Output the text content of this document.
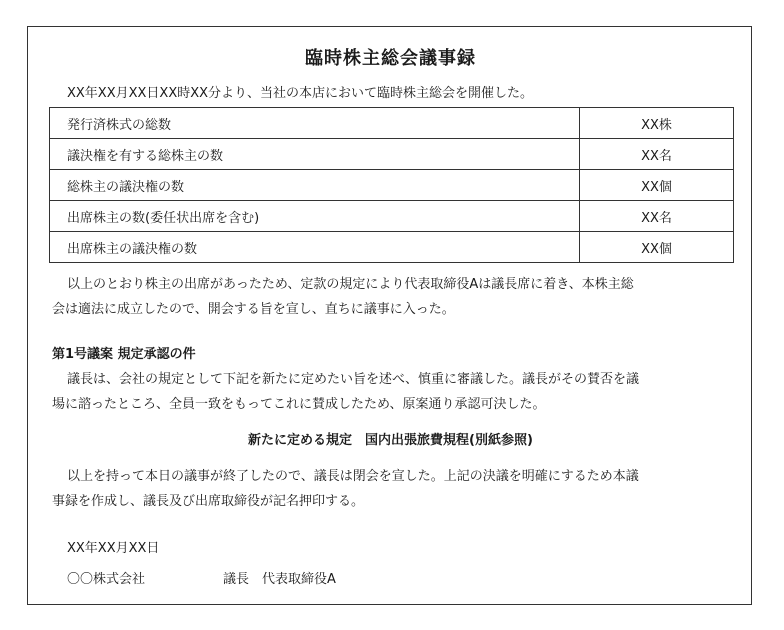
臨時株主総会議事録
XX年XX月XX日XX時XX分より、当社の本店において臨時株主総会を開催した。
発行済株式の総数	XX株
議決権を有する総株主の数	XX名
総株主の議決権の数	XX個
出席株主の数(委任状出席を含む)	XX名
出席株主の議決権の数	XX個
以上のとおり株主の出席があったため、定款の規定により代表取締役Aは議長席に着き、本株主総
会は適法に成立したので、開会する旨を宣し、直ちに議事に入った。
第1号議案 規定承認の件
議長は、会社の規定として下記を新たに定めたい旨を述べ、慎重に審議した。議長がその賛否を議
場に諮ったところ、全員一致をもってこれに賛成したため、原案通り承認可決した。
新たに定める規定　国内出張旅費規程(別紙参照)
以上を持って本日の議事が終了したので、議長は閉会を宣した。上記の決議を明確にするため本議
事録を作成し、議長及び出席取締役が記名押印する。
XX年XX月XX日
〇〇株式会社	議長　代表取締役A
